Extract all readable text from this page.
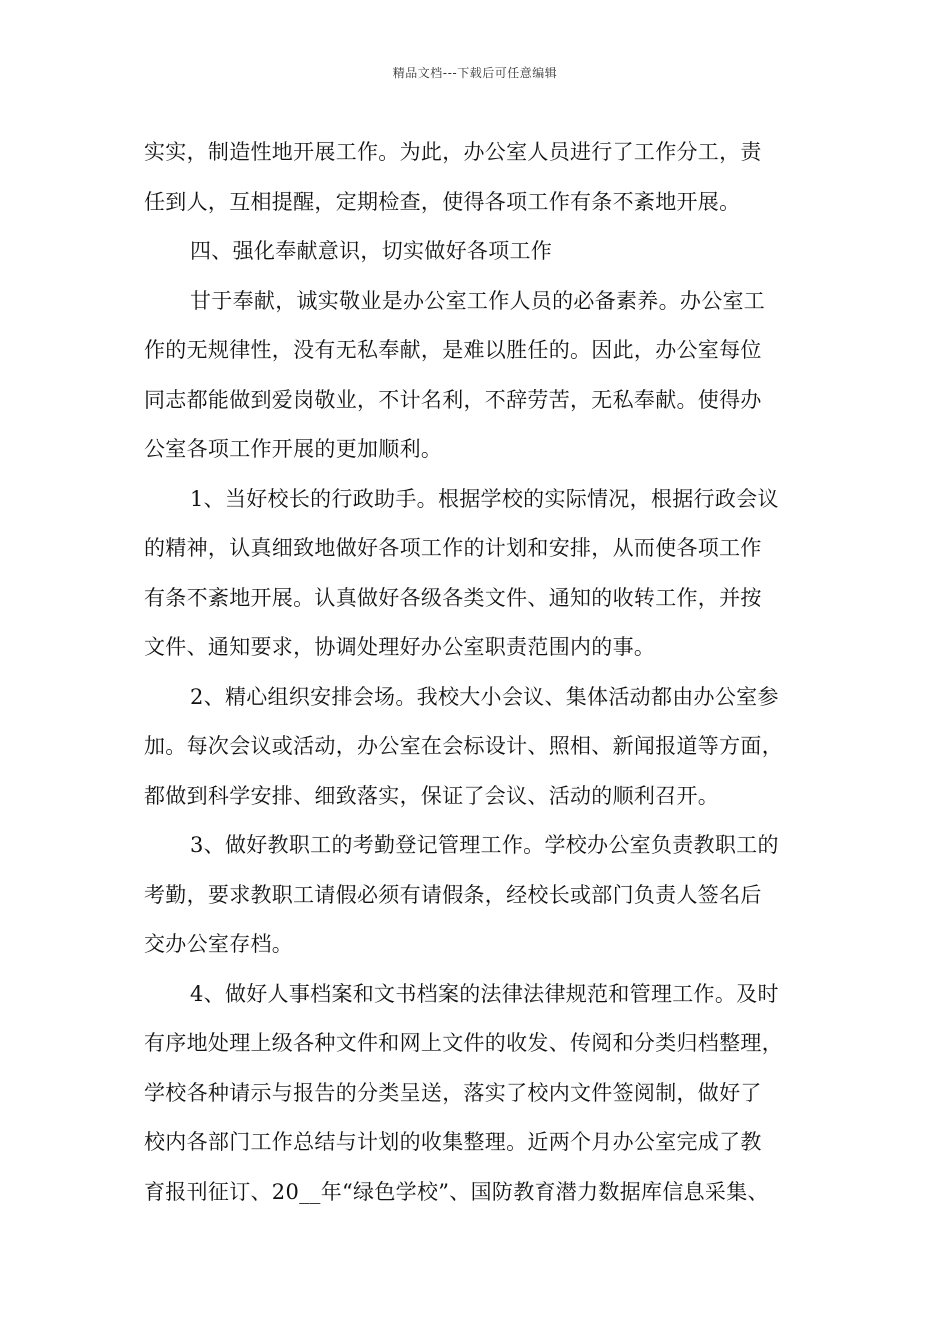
精品文档---下载后可任意编辑
实实，制造性地开展工作。为此，办公室人员进行了工作分工，责
任到人，互相提醒，定期检查，使得各项工作有条不紊地开展。
四、强化奉献意识，切实做好各项工作
甘于奉献，诚实敬业是办公室工作人员的必备素养。办公室工
作的无规律性，没有无私奉献，是难以胜任的。因此，办公室每位
同志都能做到爱岗敬业，不计名利，不辞劳苦，无私奉献。使得办
公室各项工作开展的更加顺利。
1、当好校长的行政助手。根据学校的实际情况，根据行政会议
的精神，认真细致地做好各项工作的计划和安排，从而使各项工作
有条不紊地开展。认真做好各级各类文件、通知的收转工作，并按
文件、通知要求，协调处理好办公室职责范围内的事。
2、精心组织安排会场。我校大小会议、集体活动都由办公室参
加。每次会议或活动，办公室在会标设计、照相、新闻报道等方面，
都做到科学安排、细致落实，保证了会议、活动的顺利召开。
3、做好教职工的考勤登记管理工作。学校办公室负责教职工的
考勤，要求教职工请假必须有请假条，经校长或部门负责人签名后
交办公室存档。
4、做好人事档案和文书档案的法律法律规范和管理工作。及时
有序地处理上级各种文件和网上文件的收发、传阅和分类归档整理，
学校各种请示与报告的分类呈送，落实了校内文件签阅制，做好了
校内各部门工作总结与计划的收集整理。近两个月办公室完成了教
育报刊征订、20__年“绿色学校”、国防教育潜力数据库信息采集、
